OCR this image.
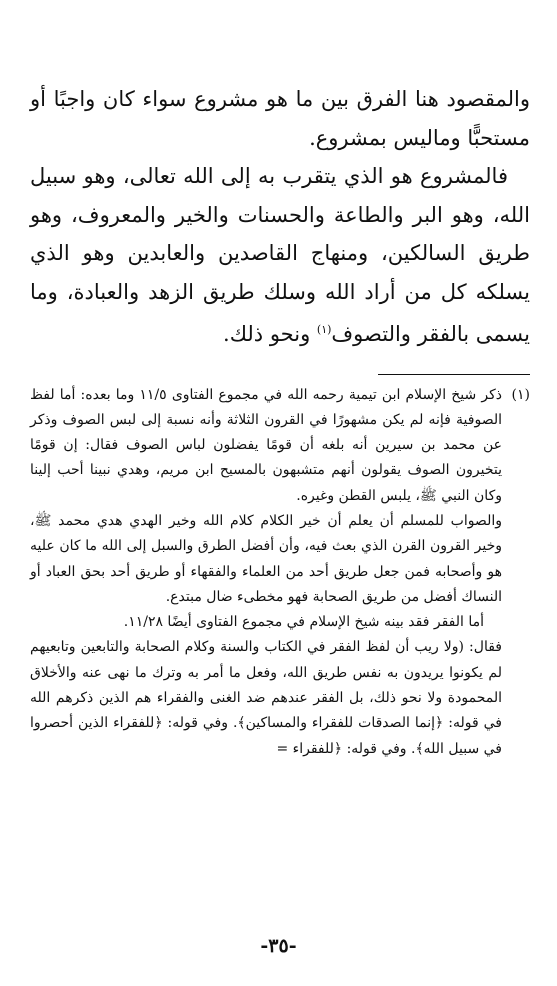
والمقصود هنا الفرق بين ما هو مشروع سواء كان واجبًا أو مستحبًّا وماليس بمشروع.

فالمشروع هو الذي يتقرب به إلى الله تعالى، وهو سبيل الله، وهو البر والطاعة والحسنات والخير والمعروف، وهو طريق السالكين، ومنهاج القاصدين والعابدين وهو الذي يسلكه كل من أراد الله وسلك طريق الزهد والعبادة، وما يسمى بالفقر والتصوف$^{(١)}$ ونحو ذلك.

(١)

ذكر شيخ الإسلام ابن تيمية رحمه الله في مجموع الفتاوى ١١/٥ وما بعده: أما لفظ الصوفية فإنه لم يكن مشهورًا في القرون الثلاثة وأنه نسبة إلى لبس الصوف وذكر عن محمد بن سيرين أنه بلغه أن قومًا يفضلون لباس الصوف فقال: إن قومًا يتخيرون الصوف يقولون أنهم متشبهون بالمسيح ابن مريم، وهدي نبينا أحب إلينا وكان النبي ﷺ، يلبس القطن وغيره.

والصواب للمسلم أن يعلم أن خير الكلام كلام الله وخير الهدي هدي محمد ﷺ، وخير القرون القرن الذي بعث فيه، وأن أفضل الطرق والسبل إلى الله ما كان عليه هو وأصحابه فمن جعل طريق أحد من العلماء والفقهاء أو طريق أحد بحق العباد أو النساك أفضل من طريق الصحابة فهو مخطىء ضال مبتدع.

أما الفقر فقد بينه شيخ الإسلام في مجموع الفتاوى أيضًا ١١/٢٨.

فقال: (ولا ريب أن لفظ الفقر في الكتاب والسنة وكلام الصحابة والتابعين وتابعيهم لم يكونوا يريدون به نفس طريق الله، وفعل ما أمر به وترك ما نهى عنه والأخلاق المحمودة ولا نحو ذلك، بل الفقر عندهم ضد الغنى والفقراء هم الذين ذكرهم الله في قوله: ﴿إنما الصدقات للفقراء والمساكين﴾. وفي قوله: ﴿للفقراء الذين أحصروا في سبيل الله﴾. وفي قوله: ﴿للفقراء =

-٣٥-
